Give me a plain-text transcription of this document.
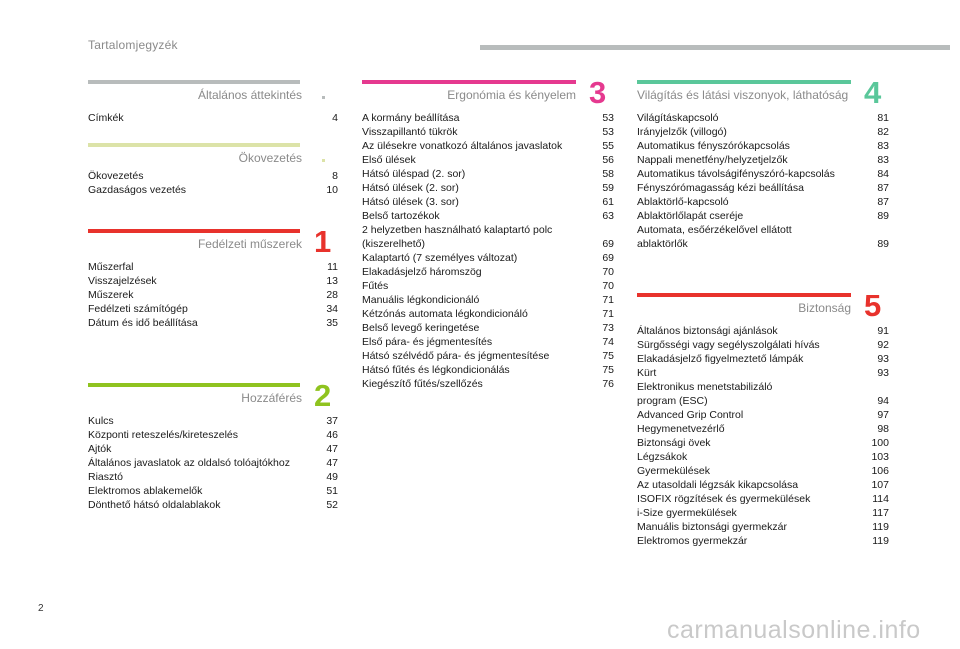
Tartalomjegyzék
Általános áttekintés
Címkék	4
Ökovezetés
Ökovezetés	8
Gazdaságos vezetés	10
Fedélzeti műszerek 1
Műszerfal	11
Visszajelzések	13
Műszerek	28
Fedélzeti számítógép	34
Dátum és idő beállítása	35
Hozzáférés 2
Kulcs	37
Központi reteszelés/kireteszelés	46
Ajtók	47
Általános javaslatok az oldalsó tolóajtókhoz	47
Riasztó	49
Elektromos ablakemelők	51
Dönthető hátsó oldalablakok	52
Ergonómia és kényelem 3
A kormány beállítása	53
Visszapillantó tükrök	53
Az ülésekre vonatkozó általános javaslatok	55
Első ülések	56
Hátsó üléspad (2. sor)	58
Hátsó ülések (2. sor)	59
Hátsó ülések (3. sor)	61
Belső tartozékok	63
2 helyzetben használható kalaptartó polc
(kiszerelhető)	69
Kalaptartó (7 személyes változat)	69
Elakadásjelző háromszög	70
Fűtés	70
Manuális légkondicionáló	71
Kétzónás automata légkondicionáló	71
Belső levegő keringetése	73
Első pára- és jégmentesítés	74
Hátsó szélvédő pára- és jégmentesítése	75
Hátsó fűtés és légkondicionálás	75
Kiegészítő fűtés/szellőzés	76
Világítás és látási viszonyok, láthatóság 4
Világításkapcsoló	81
Irányjelzők (villogó)	82
Automatikus fényszórókapcsolás	83
Nappali menetfény/helyzetjelzők	83
Automatikus távolságifényszóró-kapcsolás	84
Fényszórómagasság kézi beállítása	87
Ablaktörlő-kapcsoló	87
Ablaktörlőlapát cseréje	89
Automata, esőérzékelővel ellátott
ablaktörlők	89
Biztonság 5
Általános biztonsági ajánlások	91
Sürgősségi vagy segélyszolgálati hívás	92
Elakadásjelző figyelmeztető lámpák	93
Kürt	93
Elektronikus menetstabilizáló
program (ESC)	94
Advanced Grip Control	97
Hegymenetvezérlő	98
Biztonsági övek	100
Légzsákok	103
Gyermekülések	106
Az utasoldali légzsák kikapcsolása	107
ISOFIX rögzítések és gyermekülések	114
i-Size gyermekülések	117
Manuális biztonsági gyermekzár	119
Elektromos gyermekzár	119
2
carmanualsonline.info
